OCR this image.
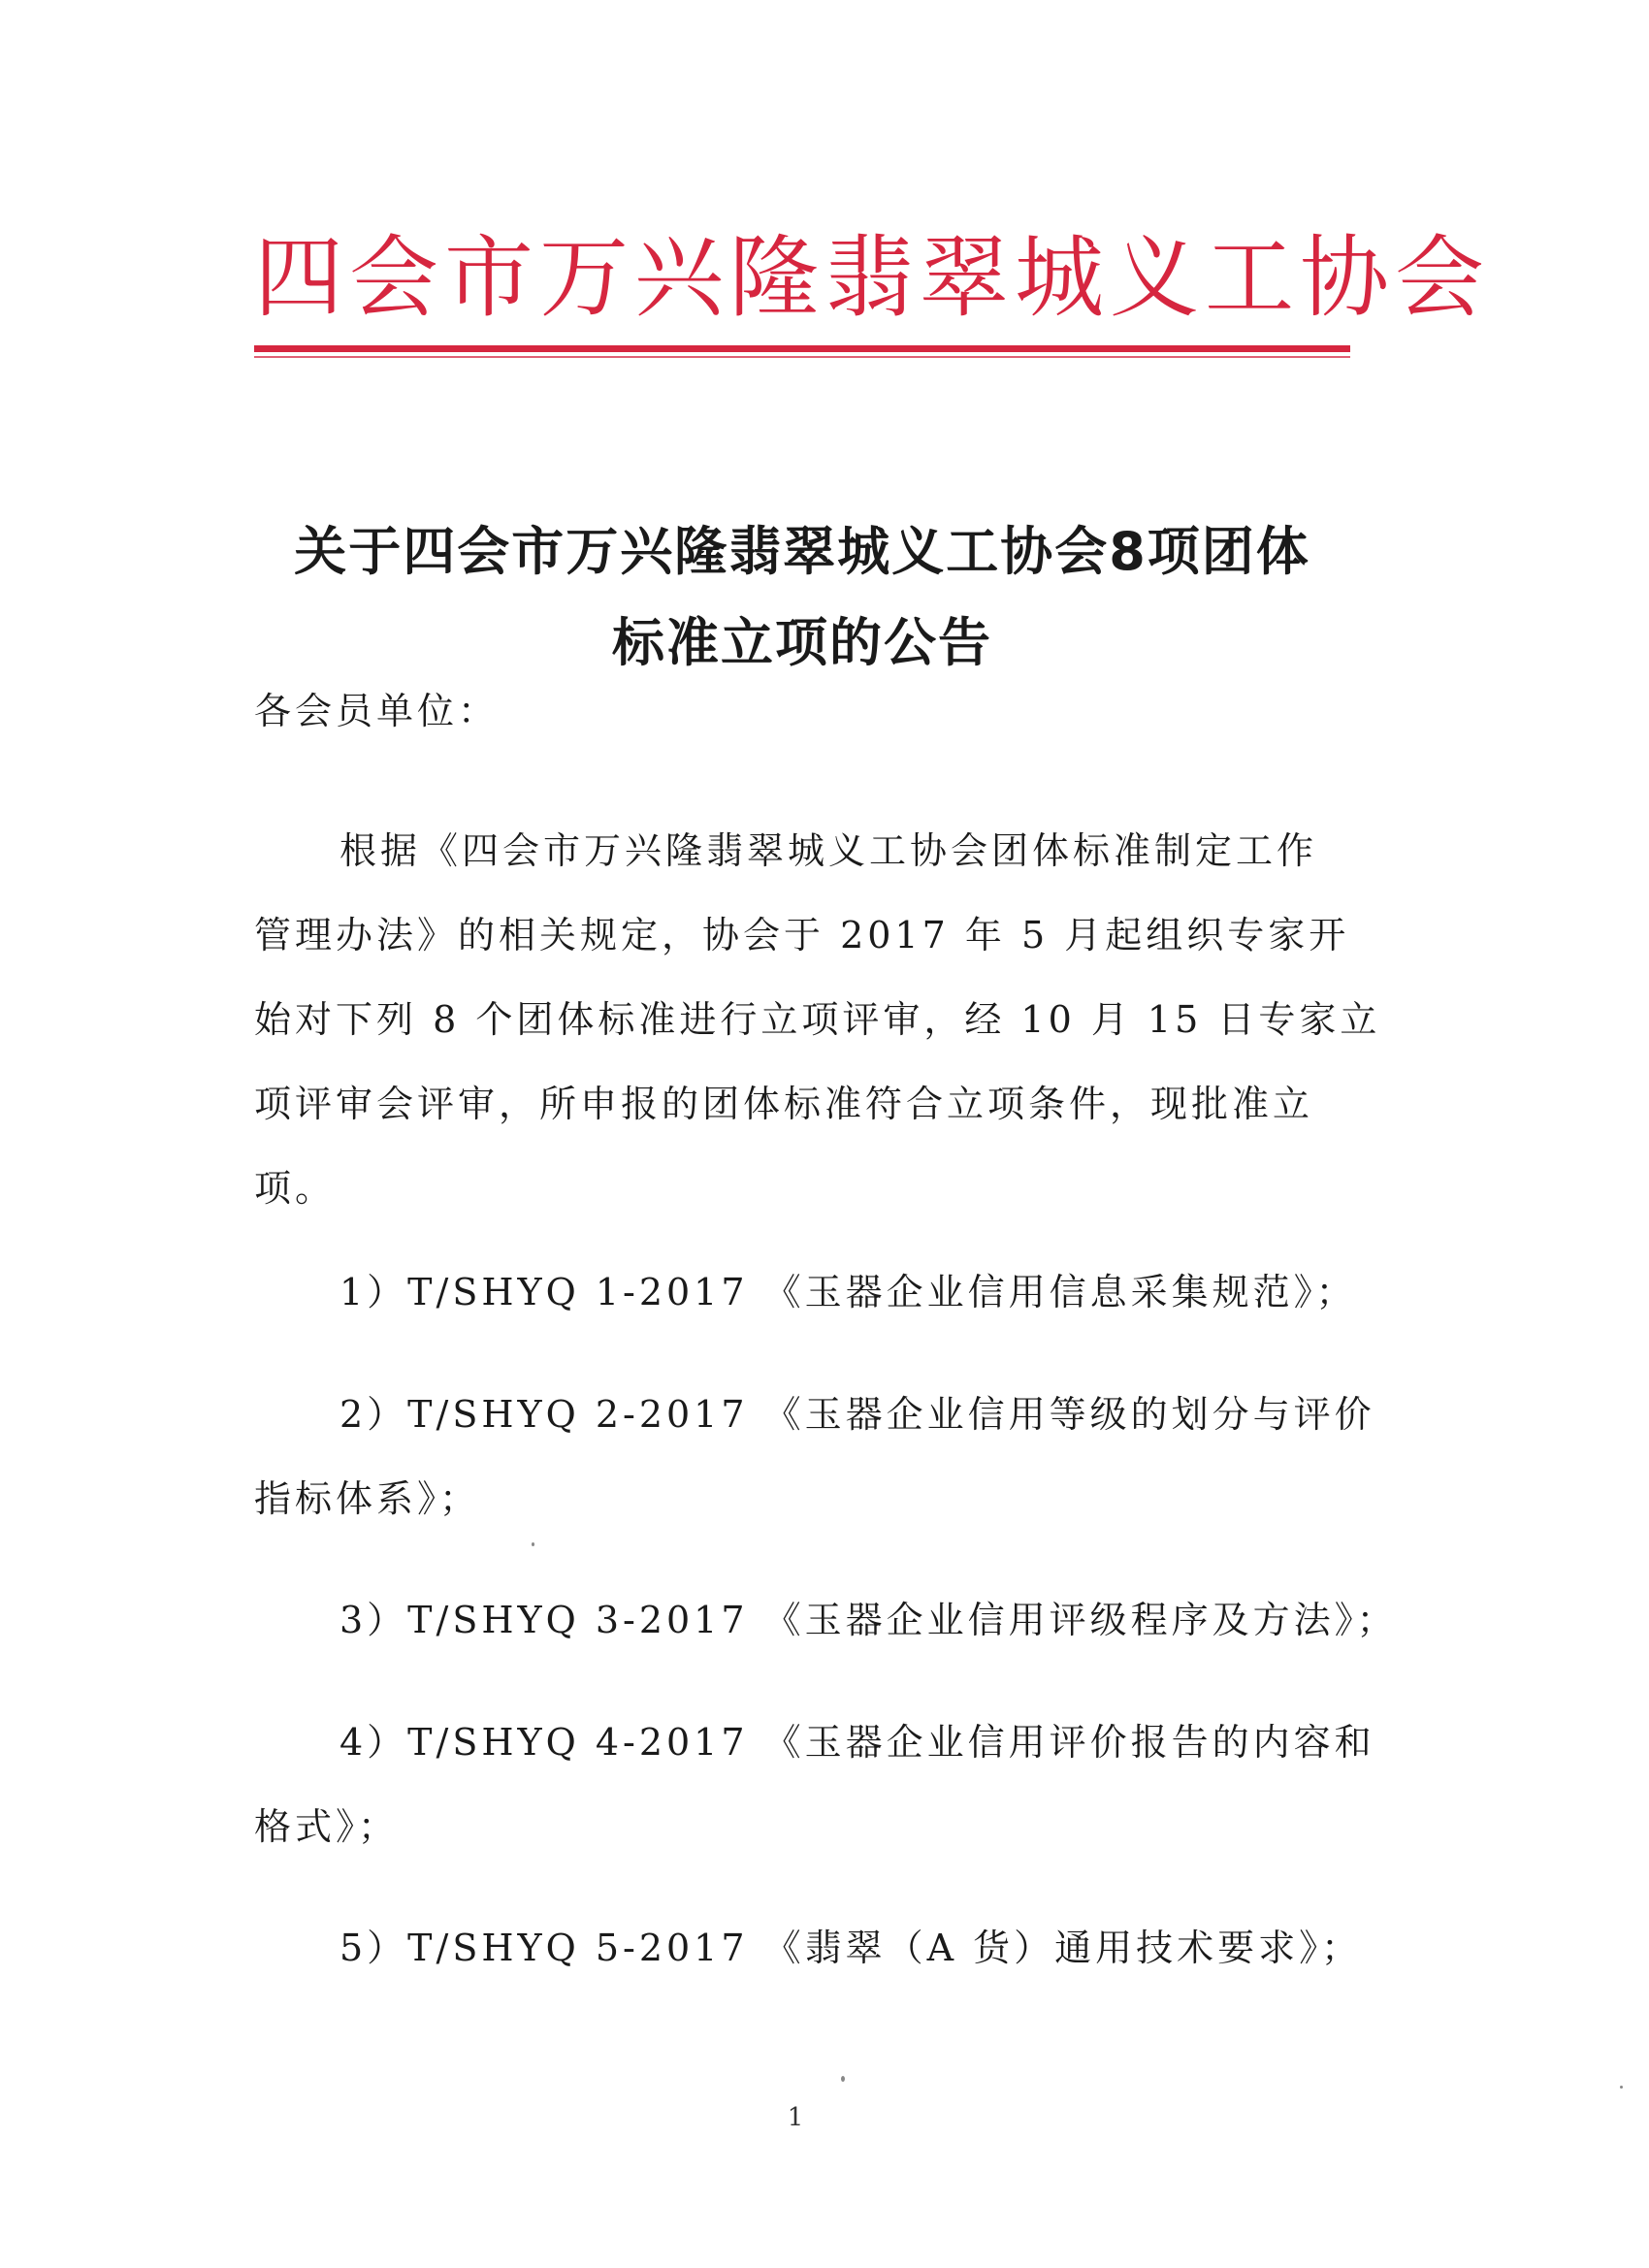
四会市万兴隆翡翠城义工协会
关于四会市万兴隆翡翠城义工协会8项团体
标准立项的公告
各会员单位：
根据《四会市万兴隆翡翠城义工协会团体标准制定工作
管理办法》的相关规定，协会于 2017 年 5 月起组织专家开
始对下列 8 个团体标准进行立项评审，经 10 月 15 日专家立
项评审会评审，所申报的团体标准符合立项条件，现批准立
项。
1）T/SHYQ 1-2017 《玉器企业信用信息采集规范》；
2）T/SHYQ 2-2017 《玉器企业信用等级的划分与评价
指标体系》；
3）T/SHYQ 3-2017 《玉器企业信用评级程序及方法》；
4）T/SHYQ 4-2017 《玉器企业信用评价报告的内容和
格式》；
5）T/SHYQ 5-2017 《翡翠（A 货）通用技术要求》；
1
